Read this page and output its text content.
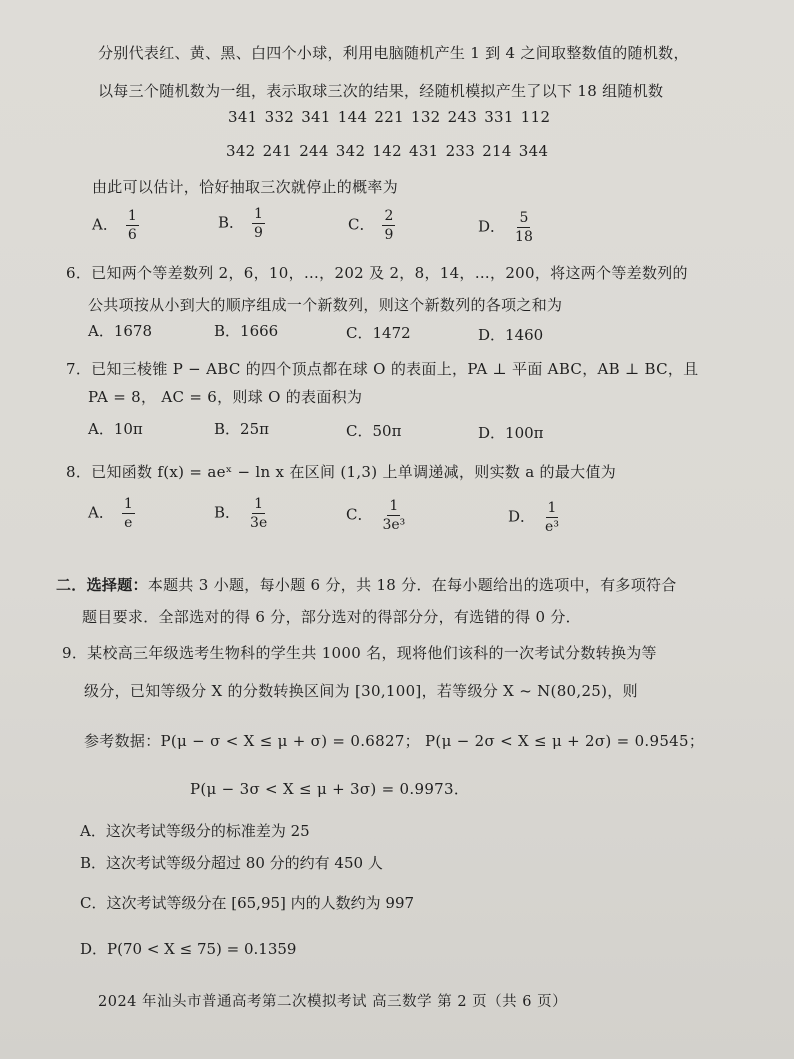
分别代表红、黄、黑、白四个小球，利用电脑随机产生 1 到 4 之间取整数值的随机数，
以每三个随机数为一组，表示取球三次的结果，经随机模拟产生了以下 18 组随机数
341 332 341 144 221 132 243 331 112
342 241 244 342 142 431 233 214 344
由此可以估计，恰好抽取三次就停止的概率为
A． $\frac{1}{6}$	B． $\frac{1}{9}$	C． $\frac{2}{9}$	D． $\frac{5}{18}$
6．已知两个等差数列 2，6，10，…，202 及 2，8，14，…，200，将这两个等差数列的
公共项按从小到大的顺序组成一个新数列，则这个新数列的各项之和为
A．1678	B．1666	C．1472	D．1460
7．已知三棱锥 P − ABC 的四个顶点都在球 O 的表面上，PA ⊥ 平面 ABC，AB ⊥ BC，且
PA = 8， AC = 6，则球 O 的表面积为
A．10π	B．25π	C．50π	D．100π
8．已知函数 f(x) = aeˣ − ln x 在区间 (1,3) 上单调递减，则实数 a 的最大值为
A． $\frac{1}{e}$	B． $\frac{1}{3e}$	C． $\frac{1}{\text{3e³}}$	D． $\frac{1}{\text{e³}}$
二．选择题：本题共 3 小题，每小题 6 分，共 18 分．在每小题给出的选项中，有多项符合
题目要求．全部选对的得 6 分，部分选对的得部分分，有选错的得 0 分．
9．某校高三年级选考生物科的学生共 1000 名，现将他们该科的一次考试分数转换为等
级分，已知等级分 X 的分数转换区间为 [30,100]，若等级分 X ~ N(80,25)，则
参考数据：P(μ − σ < X ≤ μ + σ) = 0.6827； P(μ − 2σ < X ≤ μ + 2σ) = 0.9545；
P(μ − 3σ < X ≤ μ + 3σ) = 0.9973．
A．这次考试等级分的标准差为 25
B．这次考试等级分超过 80 分的约有 450 人
C．这次考试等级分在 [65,95] 内的人数约为 997
D．P(70 < X ≤ 75) = 0.1359
2024 年汕头市普通高考第二次模拟考试 高三数学 第 2 页（共 6 页）
